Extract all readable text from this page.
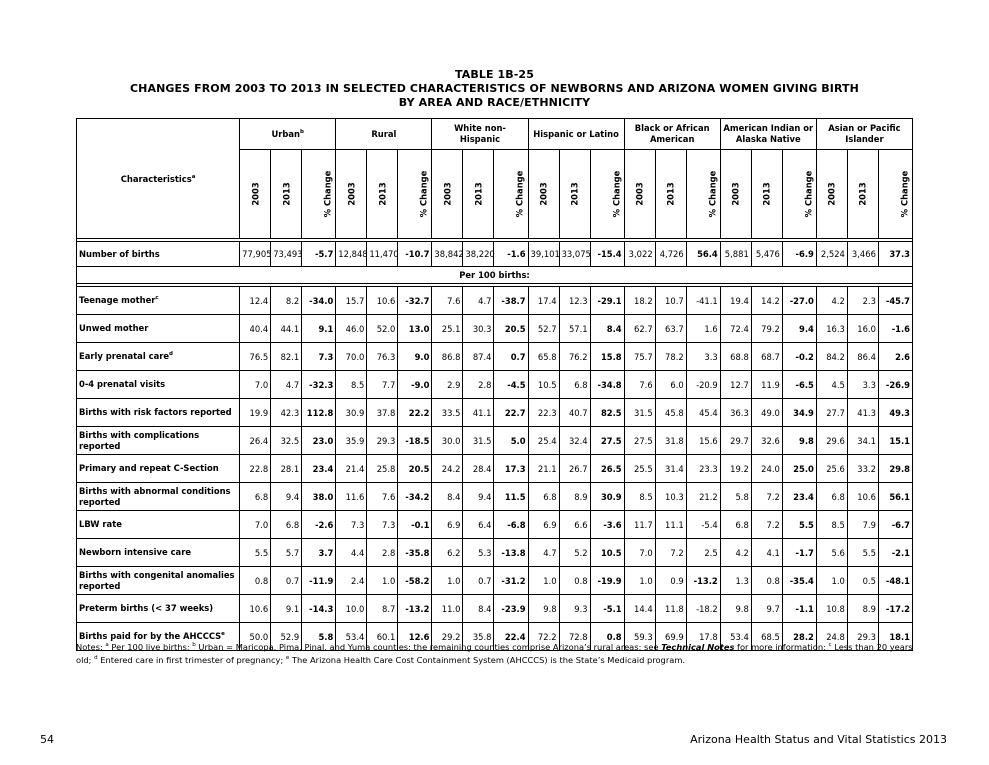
TABLE 1B-25
CHANGES FROM 2003 TO 2013 IN SELECTED CHARACTERISTICS OF NEWBORNS AND ARIZONA WOMEN GIVING BIRTH
BY AREA AND RACE/ETHNICITY
Characteristics$^a$	Urban$^b$			Rural			White non-Hispanic			Hispanic or Latino			Black or African American			American Indian or Alaska Native			Asian or Pacific Islander		
	2003	2013	% Change	2003	2013	% Change	2003	2013	% Change	2003	2013	% Change	2003	2013	% Change	2003	2013	% Change	2003	2013	% Change

Number of births	77,905	73,493	-5.7	12,848	11,470	-10.7	38,842	38,220	-1.6	39,101	33,075	-15.4	3,022	4,726	56.4	5,881	5,476	-6.9	2,524	3,466	37.3
Per 100 births:																					

Teenage mother$^c$	12.4	8.2	-34.0	15.7	10.6	-32.7	7.6	4.7	-38.7	17.4	12.3	-29.1	18.2	10.7	-41.1	19.4	14.2	-27.0	4.2	2.3	-45.7
Unwed mother	40.4	44.1	9.1	46.0	52.0	13.0	25.1	30.3	20.5	52.7	57.1	8.4	62.7	63.7	1.6	72.4	79.2	9.4	16.3	16.0	-1.6
Early prenatal care$^d$	76.5	82.1	7.3	70.0	76.3	9.0	86.8	87.4	0.7	65.8	76.2	15.8	75.7	78.2	3.3	68.8	68.7	-0.2	84.2	86.4	2.6
0-4 prenatal visits	7.0	4.7	-32.3	8.5	7.7	-9.0	2.9	2.8	-4.5	10.5	6.8	-34.8	7.6	6.0	-20.9	12.7	11.9	-6.5	4.5	3.3	-26.9
Births with risk factors reported	19.9	42.3	112.8	30.9	37.8	22.2	33.5	41.1	22.7	22.3	40.7	82.5	31.5	45.8	45.4	36.3	49.0	34.9	27.7	41.3	49.3
Births with complications reported	26.4	32.5	23.0	35.9	29.3	-18.5	30.0	31.5	5.0	25.4	32.4	27.5	27.5	31.8	15.6	29.7	32.6	9.8	29.6	34.1	15.1
Primary and repeat C-Section	22.8	28.1	23.4	21.4	25.8	20.5	24.2	28.4	17.3	21.1	26.7	26.5	25.5	31.4	23.3	19.2	24.0	25.0	25.6	33.2	29.8
Births with abnormal conditions reported	6.8	9.4	38.0	11.6	7.6	-34.2	8.4	9.4	11.5	6.8	8.9	30.9	8.5	10.3	21.2	5.8	7.2	23.4	6.8	10.6	56.1
LBW rate	7.0	6.8	-2.6	7.3	7.3	-0.1	6.9	6.4	-6.8	6.9	6.6	-3.6	11.7	11.1	-5.4	6.8	7.2	5.5	8.5	7.9	-6.7
Newborn intensive care	5.5	5.7	3.7	4.4	2.8	-35.8	6.2	5.3	-13.8	4.7	5.2	10.5	7.0	7.2	2.5	4.2	4.1	-1.7	5.6	5.5	-2.1
Births with congenital anomalies reported	0.8	0.7	-11.9	2.4	1.0	-58.2	1.0	0.7	-31.2	1.0	0.8	-19.9	1.0	0.9	-13.2	1.3	0.8	-35.4	1.0	0.5	-48.1
Preterm births (< 37 weeks)	10.6	9.1	-14.3	10.0	8.7	-13.2	11.0	8.4	-23.9	9.8	9.3	-5.1	14.4	11.8	-18.2	9.8	9.7	-1.1	10.8	8.9	-17.2
Births paid for by the AHCCCS$^e$	50.0	52.9	5.8	53.4	60.1	12.6	29.2	35.8	22.4	72.2	72.8	0.8	59.3	69.9	17.8	53.4	68.5	28.2	24.8	29.3	18.1
Notes: $^a$ Per 100 live births; $^b$ Urban = Maricopa, Pima, Pinal, and Yuma counties; the remaining counties comprise Arizona’s rural areas; see Technical Notes for more information; $^c$ Less than 20 years old; $^d$ Entered care in first trimester of pregnancy; $^e$ The Arizona Health Care Cost Containment System (AHCCCS) is the State’s Medicaid program.
54	Arizona Health Status and Vital Statistics 2013
